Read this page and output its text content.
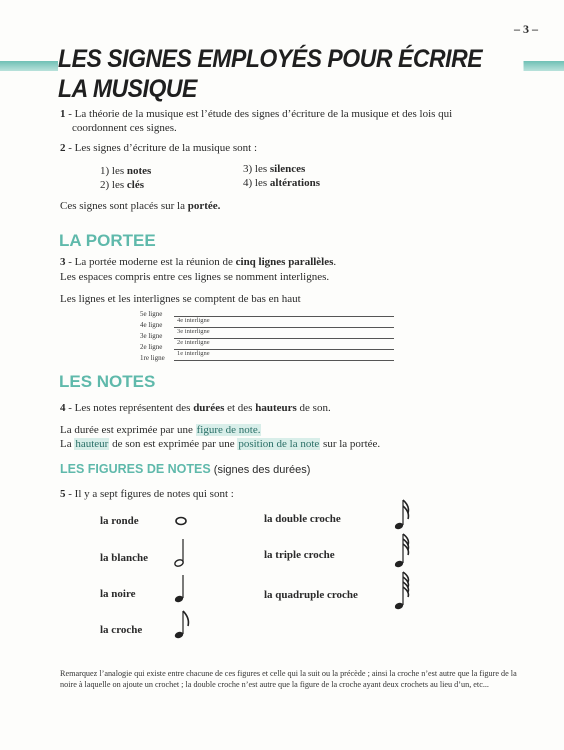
– 3 –
LES SIGNES EMPLOYÉS POUR ÉCRIRE LA MUSIQUE
1 - La théorie de la musique est l’étude des signes d’écriture de la musique et des lois qui
coordonnent ces signes.
2 - Les signes d’écriture de la musique sont :
1) les notes
2) les clés
3) les silences
4) les altérations
Ces signes sont placés sur la portée.
LA PORTEE
3 - La portée moderne est la réunion de cinq lignes parallèles.
Les espaces compris entre ces lignes se nomment interlignes.
Les lignes et les interlignes se comptent de bas en haut
5e ligne
4e ligne
3e ligne
2e ligne
1re ligne
4e interligne
3e interligne
2e interligne
1e interligne
LES NOTES
4 - Les notes représentent des durées et des hauteurs de son.
La durée est exprimée par une figure de note.
La hauteur de son est exprimée par une position de la note sur la portée.
LES FIGURES DE NOTES (signes des durées)
5 - Il y a sept figures de notes qui sont :
la ronde
la blanche
la noire
la croche
la double croche
la triple croche
la quadruple croche
Remarquez l’analogie qui existe entre chacune de ces figures et celle qui la suit ou la précède ; ainsi la croche n’est autre que la figure de la noire à laquelle on ajoute un crochet ; la double croche n’est autre que la figure de la croche ayant deux crochets au lieu d’un, etc...
